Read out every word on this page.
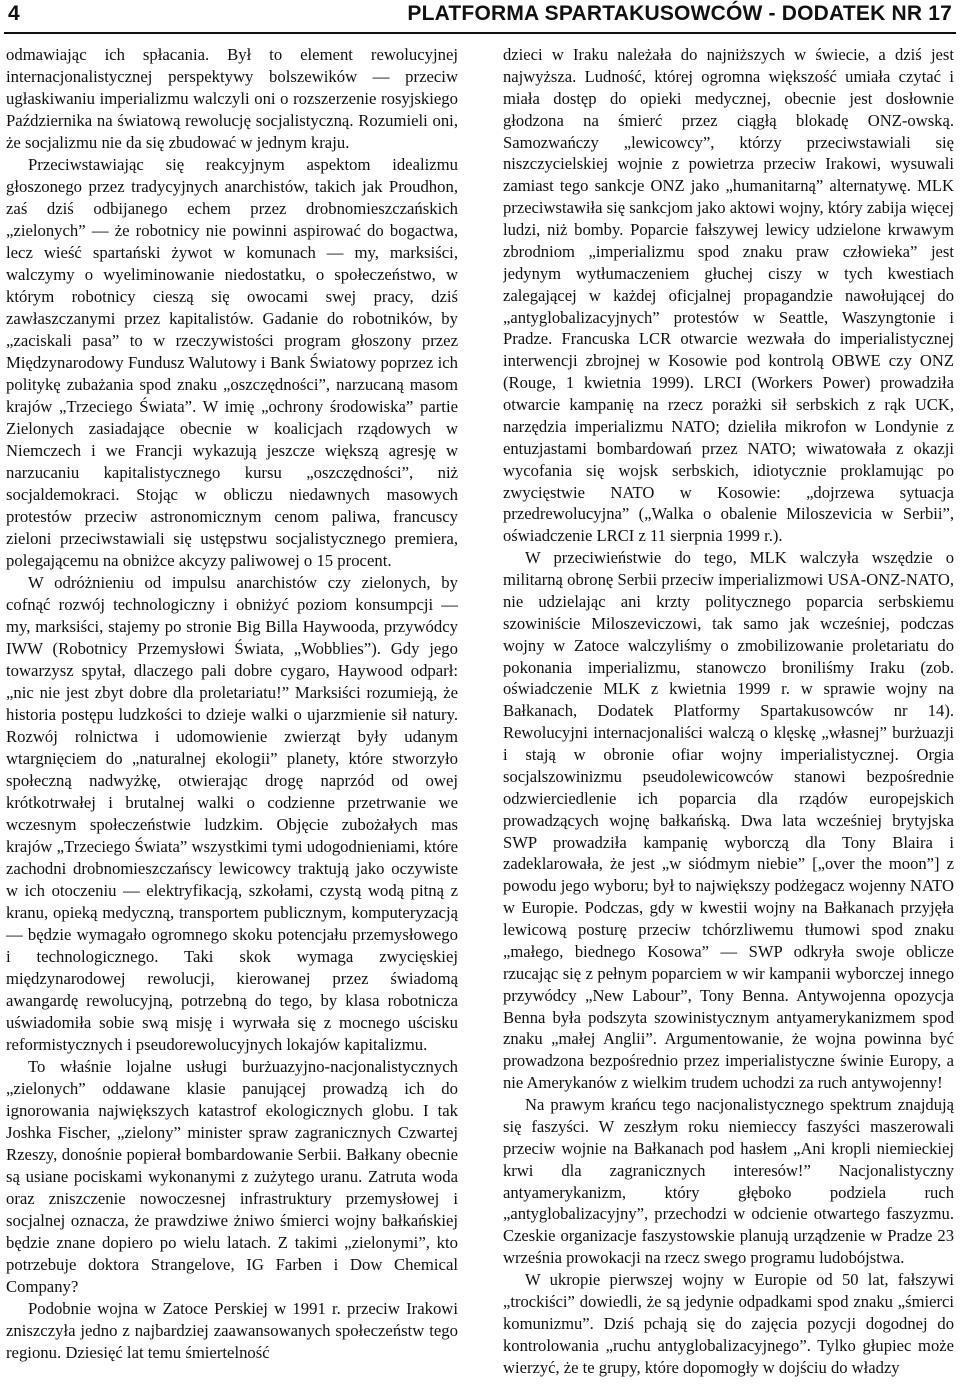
4	PLATFORMA SPARTAKUSOWCÓW - DODATEK NR 17

odmawiając ich spłacania. Był to element rewolucyjnej internacjonalistycznej perspektywy bolszewików — przeciw ugłaskiwaniu imperializmu walczyli oni o rozszerzenie rosyjskiego Października na światową rewolucję socjalistyczną. Rozumieli oni, że socjalizmu nie da się zbudować w jednym kraju.

Przeciwstawiając się reakcyjnym aspektom idealizmu głoszonego przez tradycyjnych anarchistów, takich jak Proudhon, zaś dziś odbijanego echem przez drobnomieszczańskich „zielonych” — że robotnicy nie powinni aspirować do bogactwa, lecz wieść spartański żywot w komunach — my, marksiści, walczymy o wyeliminowanie niedostatku, o społeczeństwo, w którym robotnicy cieszą się owocami swej pracy, dziś zawłaszczanymi przez kapitalistów. Gadanie do robotników, by „zaciskali pasa” to w rzeczywistości program głoszony przez Międzynarodowy Fundusz Walutowy i Bank Światowy poprzez ich politykę zubażania spod znaku „oszczędności”, narzucaną masom krajów „Trzeciego Świata”. W imię „ochrony środowiska” partie Zielonych zasiadające obecnie w koalicjach rządowych w Niemczech i we Francji wykazują jeszcze większą agresję w narzucaniu kapitalistycznego kursu „oszczędności”, niż socjaldemokraci. Stojąc w obliczu niedawnych masowych protestów przeciw astronomicznym cenom paliwa, francuscy zieloni przeciwstawiali się ustępstwu socjalistycznego premiera, polegającemu na obniżce akcyzy paliwowej o 15 procent.

W odróżnieniu od impulsu anarchistów czy zielonych, by cofnąć rozwój technologiczny i obniżyć poziom konsumpcji — my, marksiści, stajemy po stronie Big Billa Haywooda, przywódcy IWW (Robotnicy Przemysłowi Świata, „Wobblies”). Gdy jego towarzysz spytał, dlaczego pali dobre cygaro, Haywood odparł: „nic nie jest zbyt dobre dla proletariatu!” Marksiści rozumieją, że historia postępu ludzkości to dzieje walki o ujarzmienie sił natury. Rozwój rolnictwa i udomowienie zwierząt były udanym wtargnięciem do „naturalnej ekologii” planety, które stworzyło społeczną nadwyżkę, otwierając drogę naprzód od owej krótkotrwałej i brutalnej walki o codzienne przetrwanie we wczesnym społeczeństwie ludzkim. Objęcie zubożałych mas krajów „Trzeciego Świata” wszystkimi tymi udogodnieniami, które zachodni drobnomieszczańscy lewicowcy traktują jako oczywiste w ich otoczeniu — elektryfikacją, szkołami, czystą wodą pitną z kranu, opieką medyczną, transportem publicznym, komputeryzacją — będzie wymagało ogromnego skoku potencjału przemysłowego i technologicznego. Taki skok wymaga zwycięskiej międzynarodowej rewolucji, kierowanej przez świadomą awangardę rewolucyjną, potrzebną do tego, by klasa robotnicza uświadomiła sobie swą misję i wyrwała się z mocnego uścisku reformistycznych i pseudorewolucyjnych lokajów kapitalizmu.

To właśnie lojalne usługi burżuazyjno-nacjonalistycznych „zielonych” oddawane klasie panującej prowadzą ich do ignorowania największych katastrof ekologicznych globu. I tak Joshka Fischer, „zielony” minister spraw zagranicznych Czwartej Rzeszy, donośnie popierał bombardowanie Serbii. Bałkany obecnie są usiane pociskami wykonanymi z zużytego uranu. Zatruta woda oraz zniszczenie nowoczesnej infrastruktury przemysłowej i socjalnej oznacza, że prawdziwe żniwo śmierci wojny bałkańskiej będzie znane dopiero po wielu latach. Z takimi „zielonymi”, kto potrzebuje doktora Strangelove, IG Farben i Dow Chemical Company?

Podobnie wojna w Zatoce Perskiej w 1991 r. przeciw Irakowi zniszczyła jedno z najbardziej zaawansowanych społeczeństw tego regionu. Dziesięć lat temu śmiertelność

dzieci w Iraku należała do najniższych w świecie, a dziś jest najwyższa. Ludność, której ogromna większość umiała czytać i miała dostęp do opieki medycznej, obecnie jest dosłownie głodzona na śmierć przez ciągłą blokadę ONZ-owską. Samozwańczy „lewicowcy”, którzy przeciwstawiali się niszczycielskiej wojnie z powietrza przeciw Irakowi, wysuwali zamiast tego sankcje ONZ jako „humanitarną” alternatywę. MLK przeciwstawiła się sankcjom jako aktowi wojny, który zabija więcej ludzi, niż bomby. Poparcie fałszywej lewicy udzielone krwawym zbrodniom „imperializmu spod znaku praw człowieka” jest jedynym wytłumaczeniem głuchej ciszy w tych kwestiach zalegającej w każdej oficjalnej propagandzie nawołującej do „antyglobalizacyjnych” protestów w Seattle, Waszyngtonie i Pradze. Francuska LCR otwarcie wezwała do imperialistycznej interwencji zbrojnej w Kosowie pod kontrolą OBWE czy ONZ (Rouge, 1 kwietnia 1999). LRCI (Workers Power) prowadziła otwarcie kampanię na rzecz porażki sił serbskich z rąk UCK, narzędzia imperializmu NATO; dzieliła mikrofon w Londynie z entuzjastami bombardowań przez NATO; wiwatowała z okazji wycofania się wojsk serbskich, idiotycznie proklamując po zwycięstwie NATO w Kosowie: „dojrzewa sytuacja przedrewolucyjna” („Walka o obalenie Miloszevicia w Serbii”, oświadczenie LRCI z 11 sierpnia 1999 r.).

W przeciwieństwie do tego, MLK walczyła wszędzie o militarną obronę Serbii przeciw imperializmowi USA-ONZ-NATO, nie udzielając ani krzty politycznego poparcia serbskiemu szowiniście Miloszeviczowi, tak samo jak wcześniej, podczas wojny w Zatoce walczyliśmy o zmobilizowanie proletariatu do pokonania imperializmu, stanowczo broniliśmy Iraku (zob. oświadczenie MLK z kwietnia 1999 r. w sprawie wojny na Bałkanach, Dodatek Platformy Spartakusowców nr 14). Rewolucyjni internacjonaliści walczą o klęskę „własnej” burżuazji i stają w obronie ofiar wojny imperialistycznej. Orgia socjalszowinizmu pseudolewicowców stanowi bezpośrednie odzwierciedlenie ich poparcia dla rządów europejskich prowadzących wojnę bałkańską. Dwa lata wcześniej brytyjska SWP prowadziła kampanię wyborczą dla Tony Blaira i zadeklarowała, że jest „w siódmym niebie” [„over the moon”] z powodu jego wyboru; był to największy podżegacz wojenny NATO w Europie. Podczas, gdy w kwestii wojny na Bałkanach przyjęła lewicową posturę przeciw tchórzliwemu tłumowi spod znaku „małego, biednego Kosowa” — SWP odkryła swoje oblicze rzucając się z pełnym poparciem w wir kampanii wyborczej innego przywódcy „New Labour”, Tony Benna. Antywojenna opozycja Benna była podszyta szowinistycznym antyamerykanizmem spod znaku „małej Anglii”. Argumentowanie, że wojna powinna być prowadzona bezpośrednio przez imperialistyczne świnie Europy, a nie Amerykanów z wielkim trudem uchodzi za ruch antywojenny!

Na prawym krańcu tego nacjonalistycznego spektrum znajdują się faszyści. W zeszłym roku niemieccy faszyści maszerowali przeciw wojnie na Bałkanach pod hasłem „Ani kropli niemieckiej krwi dla zagranicznych interesów!” Nacjonalistyczny antyamerykanizm, który głęboko podziela ruch „antyglobalizacyjny”, przechodzi w odcienie otwartego faszyzmu. Czeskie organizacje faszystowskie planują urządzenie w Pradze 23 września prowokacji na rzecz swego programu ludobójstwa.

W ukropie pierwszej wojny w Europie od 50 lat, fałszywi „trockiści” dowiedli, że są jedynie odpadkami spod znaku „śmierci komunizmu”. Dziś pchają się do zajęcia pozycji dogodnej do kontrolowania „ruchu antyglobalizacyjnego”. Tylko głupiec może wierzyć, że te grupy, które dopomogły w dojściu do władzy
